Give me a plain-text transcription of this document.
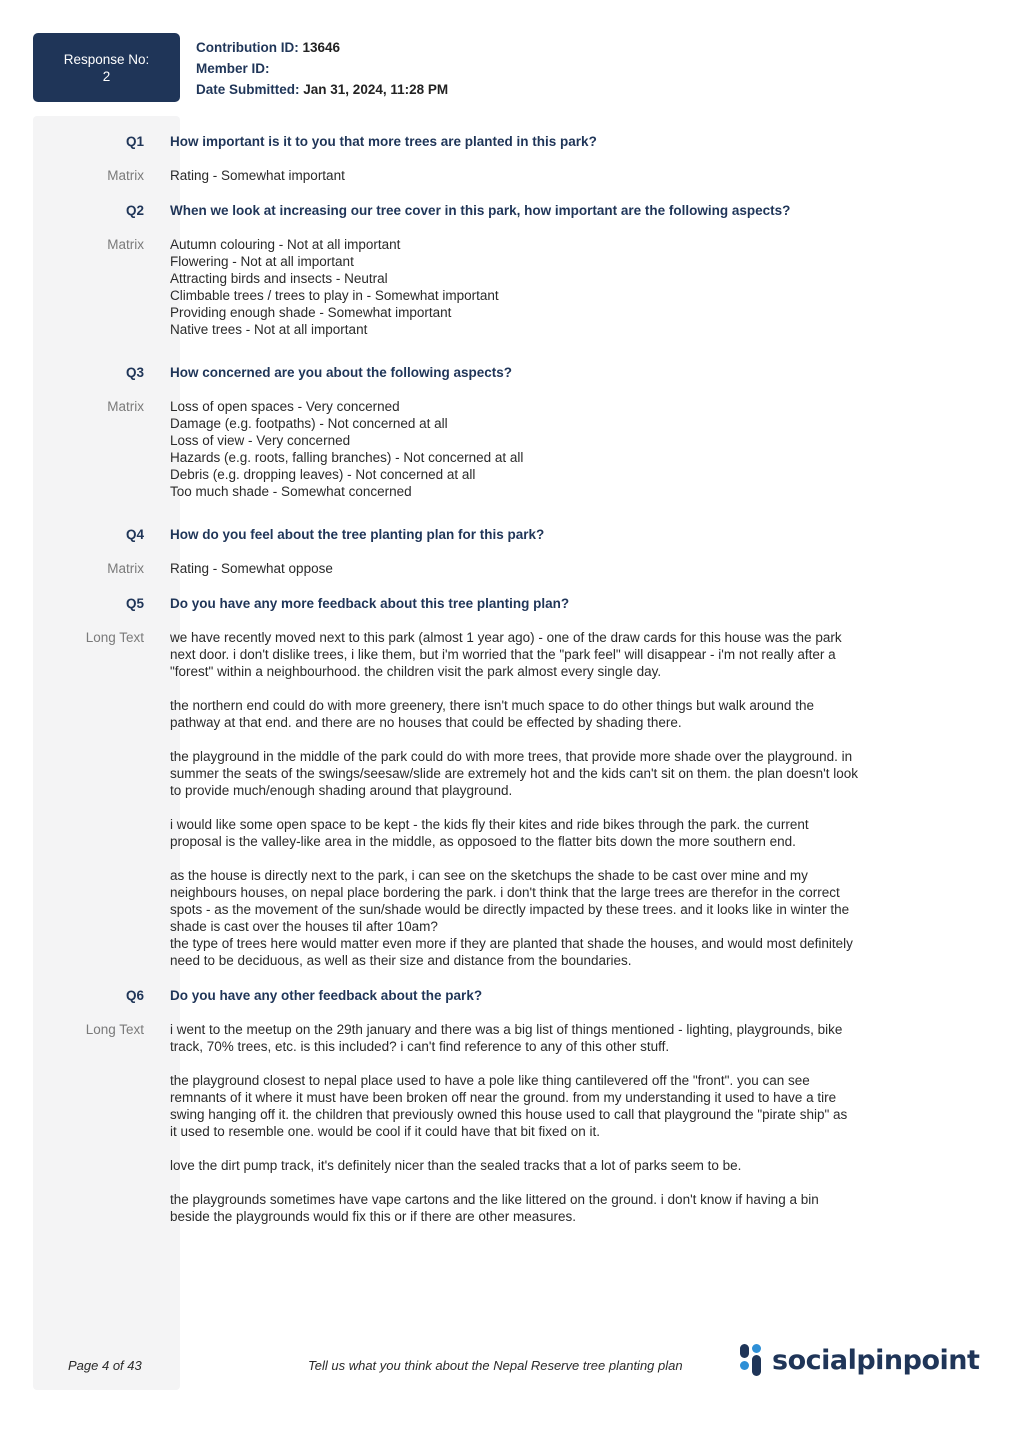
Response No:
2
Contribution ID: 13646
Member ID:
Date Submitted: Jan 31, 2024, 11:28 PM
Q1	How important is it to you that more trees are planted in this park?
Matrix	Rating - Somewhat important
Q2	When we look at increasing our tree cover in this park, how important are the following aspects?
Matrix	Autumn colouring - Not at all important
Flowering - Not at all important
Attracting birds and insects - Neutral
Climbable trees / trees to play in - Somewhat important
Providing enough shade - Somewhat important
Native trees - Not at all important
Q3	How concerned are you about the following aspects?
Matrix	Loss of open spaces - Very concerned
Damage (e.g. footpaths) - Not concerned at all
Loss of view - Very concerned
Hazards (e.g. roots, falling branches) - Not concerned at all
Debris (e.g. dropping leaves) - Not concerned at all
Too much shade - Somewhat concerned
Q4	How do you feel about the tree planting plan for this park?
Matrix	Rating - Somewhat oppose
Q5	Do you have any more feedback about this tree planting plan?
Long Text	we have recently moved next to this park (almost 1 year ago) - one of the draw cards for this house was the park
next door. i don't dislike trees, i like them, but i'm worried that the "park feel" will disappear - i'm not really after a
"forest" within a neighbourhood. the children visit the park almost every single day.
the northern end could do with more greenery, there isn't much space to do other things but walk around the
pathway at that end. and there are no houses that could be effected by shading there.
the playground in the middle of the park could do with more trees, that provide more shade over the playground. in
summer the seats of the swings/seesaw/slide are extremely hot and the kids can't sit on them. the plan doesn't look
to provide much/enough shading around that playground.
i would like some open space to be kept - the kids fly their kites and ride bikes through the park. the current
proposal is the valley-like area in the middle, as opposoed to the flatter bits down the more southern end.
as the house is directly next to the park, i can see on the sketchups the shade to be cast over mine and my
neighbours houses, on nepal place bordering the park. i don't think that the large trees are therefor in the correct
spots - as the movement of the sun/shade would be directly impacted by these trees. and it looks like in winter the
shade is cast over the houses til after 10am?
the type of trees here would matter even more if they are planted that shade the houses, and would most definitely
need to be deciduous, as well as their size and distance from the boundaries.
Q6	Do you have any other feedback about the park?
Long Text	i went to the meetup on the 29th january and there was a big list of things mentioned - lighting, playgrounds, bike
track, 70% trees, etc. is this included? i can't find reference to any of this other stuff.
the playground closest to nepal place used to have a pole like thing cantilevered off the "front". you can see
remnants of it where it must have been broken off near the ground. from my understanding it used to have a tire
swing hanging off it. the children that previously owned this house used to call that playground the "pirate ship" as
it used to resemble one. would be cool if it could have that bit fixed on it.
love the dirt pump track, it's definitely nicer than the sealed tracks that a lot of parks seem to be.
the playgrounds sometimes have vape cartons and the like littered on the ground. i don't know if having a bin
beside the playgrounds would fix this or if there are other measures.
Page 4 of 43	Tell us what you think about the Nepal Reserve tree planting plan	socialpinpoint
